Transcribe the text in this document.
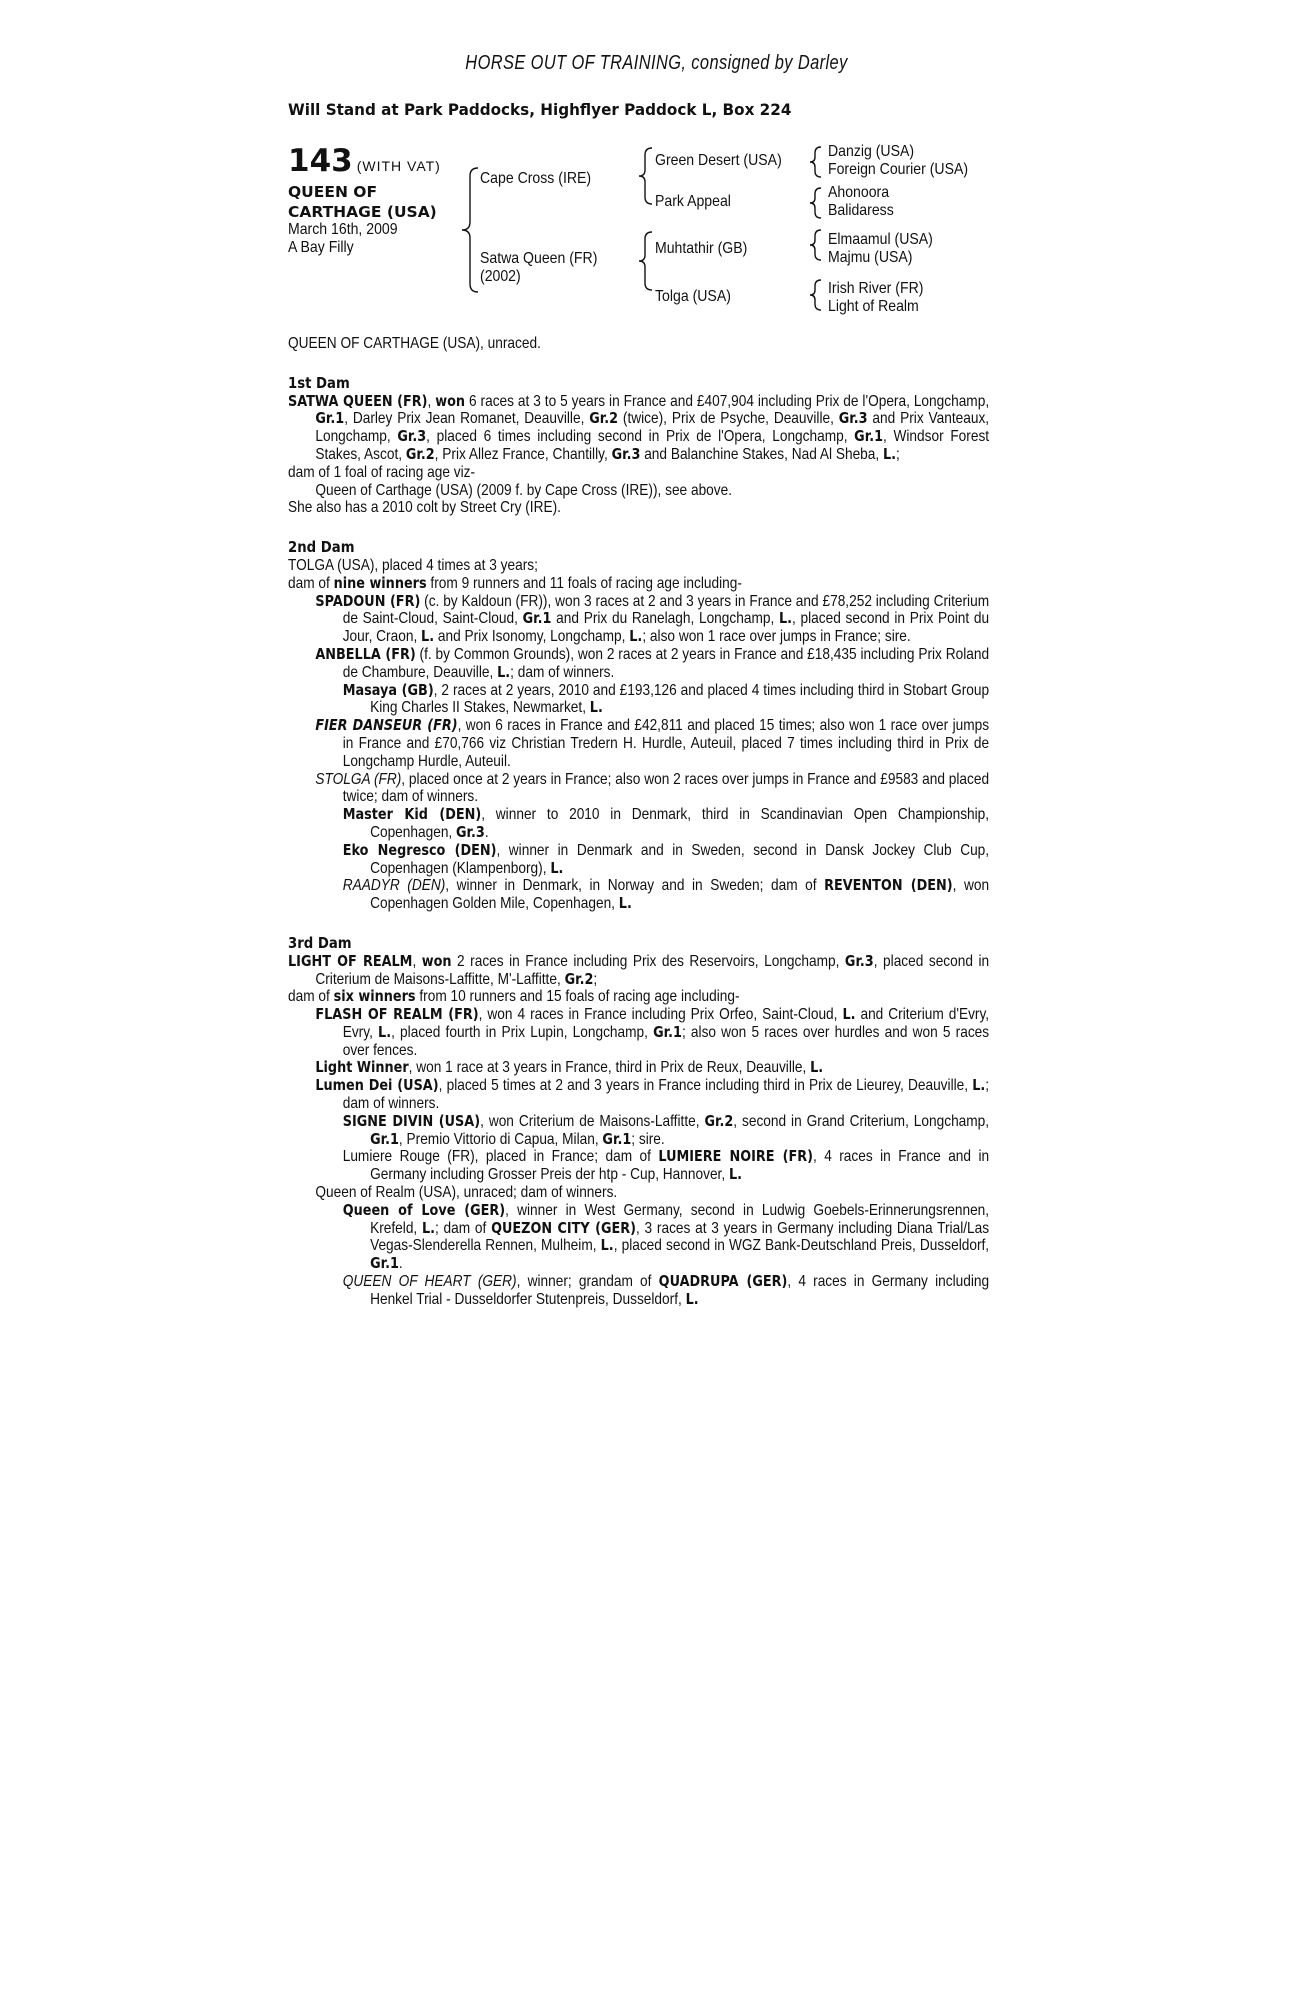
HORSE OUT OF TRAINING, consigned by Darley
Will Stand at Park Paddocks, Highflyer Paddock L, Box 224
143 (WITH VAT)
QUEEN OF
CARTHAGE (USA)
March 16th, 2009
A Bay Filly
Cape Cross (IRE)
Satwa Queen (FR)
(2002)
Green Desert (USA)
Park Appeal
Muhtathir (GB)
Tolga (USA)
Danzig (USA)
Foreign Courier (USA)
Ahonoora
Balidaress
Elmaamul (USA)
Majmu (USA)
Irish River (FR)
Light of Realm
QUEEN OF CARTHAGE (USA), unraced.
1st Dam
SATWA QUEEN (FR), won 6 races at 3 to 5 years in France and £407,904 including Prix de l'Opera, Longchamp, Gr.1, Darley Prix Jean Romanet, Deauville, Gr.2 (twice), Prix de Psyche, Deauville, Gr.3 and Prix Vanteaux, Longchamp, Gr.3, placed 6 times including second in Prix de l'Opera, Longchamp, Gr.1, Windsor Forest Stakes, Ascot, Gr.2, Prix Allez France, Chantilly, Gr.3 and Balanchine Stakes, Nad Al Sheba, L.;
dam of 1 foal of racing age viz-
Queen of Carthage (USA) (2009 f. by Cape Cross (IRE)), see above.
She also has a 2010 colt by Street Cry (IRE).
2nd Dam
TOLGA (USA), placed 4 times at 3 years;
dam of nine winners from 9 runners and 11 foals of racing age including-
SPADOUN (FR) (c. by Kaldoun (FR)), won 3 races at 2 and 3 years in France and £78,252 including Criterium de Saint-Cloud, Saint-Cloud, Gr.1 and Prix du Ranelagh, Longchamp, L., placed second in Prix Point du Jour, Craon, L. and Prix Isonomy, Longchamp, L.; also won 1 race over jumps in France; sire.
ANBELLA (FR) (f. by Common Grounds), won 2 races at 2 years in France and £18,435 including Prix Roland de Chambure, Deauville, L.; dam of winners.
Masaya (GB), 2 races at 2 years, 2010 and £193,126 and placed 4 times including third in Stobart Group King Charles II Stakes, Newmarket, L.
FIER DANSEUR (FR), won 6 races in France and £42,811 and placed 15 times; also won 1 race over jumps in France and £70,766 viz Christian Tredern H. Hurdle, Auteuil, placed 7 times including third in Prix de Longchamp Hurdle, Auteuil.
STOLGA (FR), placed once at 2 years in France; also won 2 races over jumps in France and £9583 and placed twice; dam of winners.
Master Kid (DEN), winner to 2010 in Denmark, third in Scandinavian Open Championship, Copenhagen, Gr.3.
Eko Negresco (DEN), winner in Denmark and in Sweden, second in Dansk Jockey Club Cup, Copenhagen (Klampenborg), L.
RAADYR (DEN), winner in Denmark, in Norway and in Sweden; dam of REVENTON (DEN), won Copenhagen Golden Mile, Copenhagen, L.
3rd Dam
LIGHT OF REALM, won 2 races in France including Prix des Reservoirs, Longchamp, Gr.3, placed second in Criterium de Maisons-Laffitte, M'-Laffitte, Gr.2;
dam of six winners from 10 runners and 15 foals of racing age including-
FLASH OF REALM (FR), won 4 races in France including Prix Orfeo, Saint-Cloud, L. and Criterium d'Evry, Evry, L., placed fourth in Prix Lupin, Longchamp, Gr.1; also won 5 races over hurdles and won 5 races over fences.
Light Winner, won 1 race at 3 years in France, third in Prix de Reux, Deauville, L.
Lumen Dei (USA), placed 5 times at 2 and 3 years in France including third in Prix de Lieurey, Deauville, L.; dam of winners.
SIGNE DIVIN (USA), won Criterium de Maisons-Laffitte, Gr.2, second in Grand Criterium, Longchamp, Gr.1, Premio Vittorio di Capua, Milan, Gr.1; sire.
Lumiere Rouge (FR), placed in France; dam of LUMIERE NOIRE (FR), 4 races in France and in Germany including Grosser Preis der htp - Cup, Hannover, L.
Queen of Realm (USA), unraced; dam of winners.
Queen of Love (GER), winner in West Germany, second in Ludwig Goebels-Erinnerungsrennen, Krefeld, L.; dam of QUEZON CITY (GER), 3 races at 3 years in Germany including Diana Trial/Las Vegas-Slenderella Rennen, Mulheim, L., placed second in WGZ Bank-Deutschland Preis, Dusseldorf, Gr.1.
QUEEN OF HEART (GER), winner; grandam of QUADRUPA (GER), 4 races in Germany including Henkel Trial - Dusseldorfer Stutenpreis, Dusseldorf, L.
